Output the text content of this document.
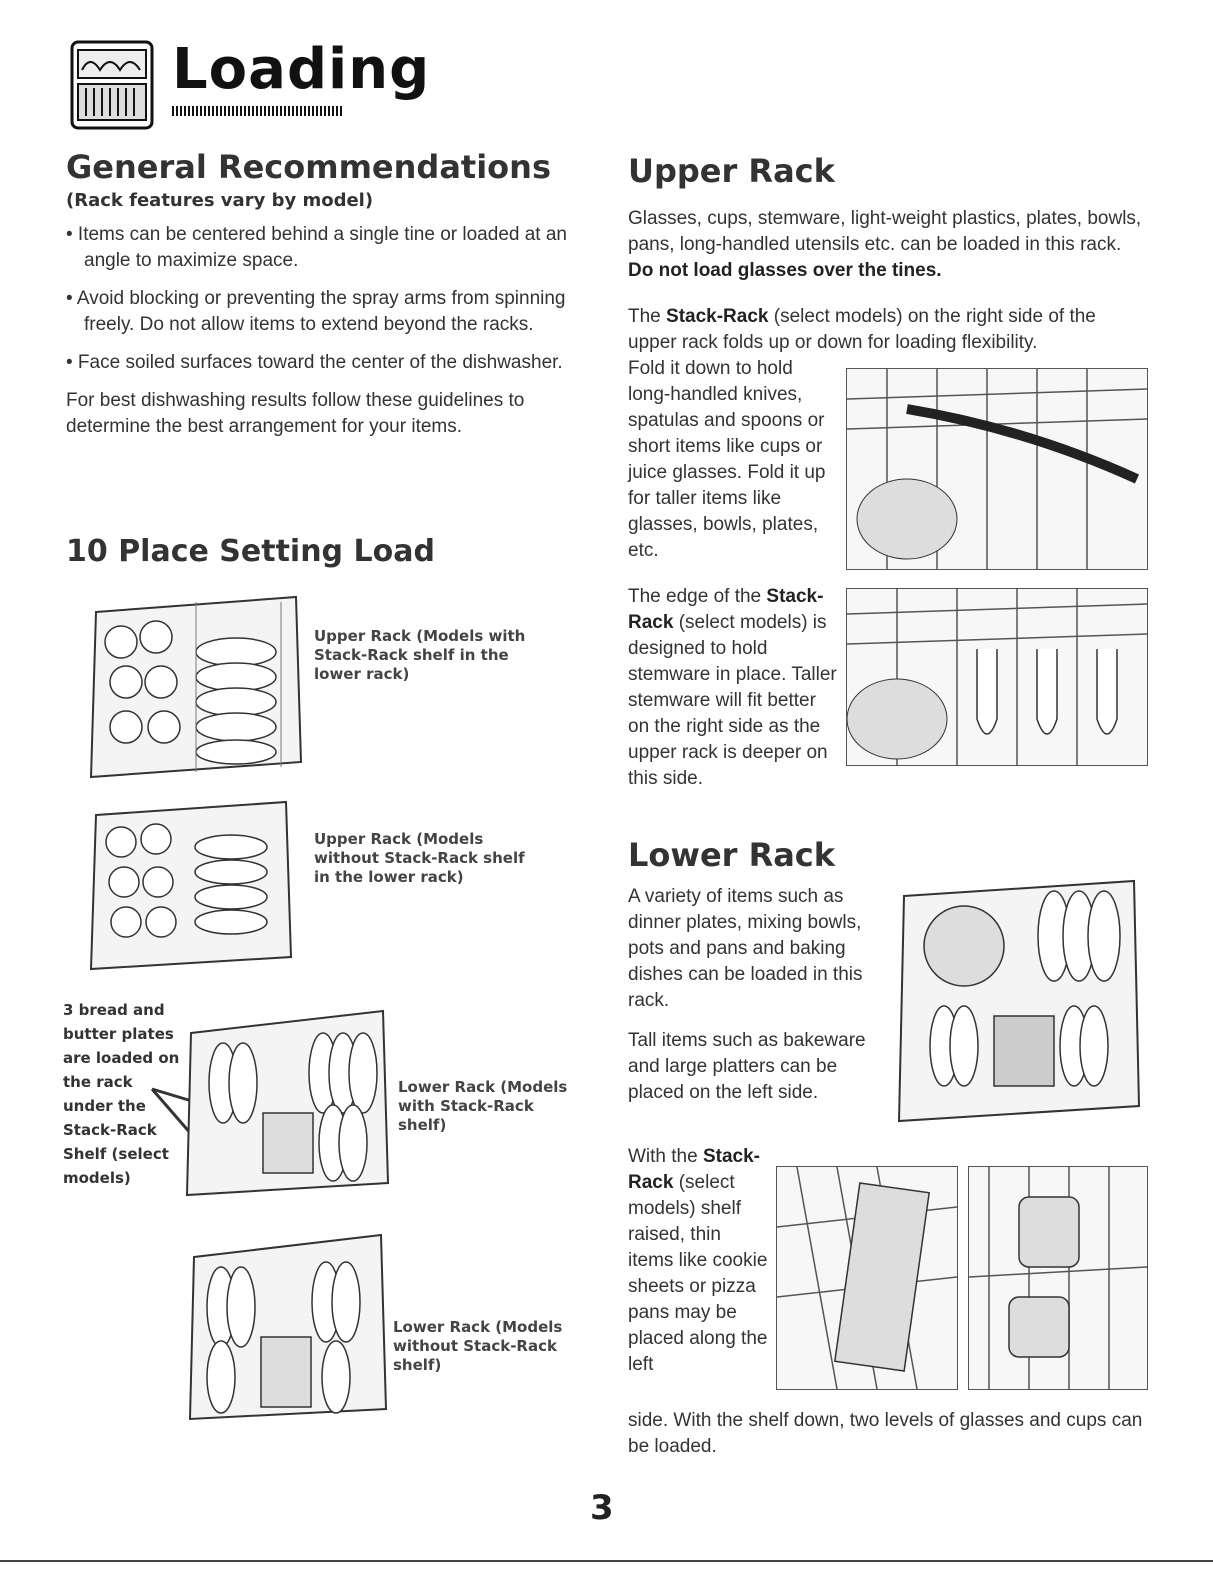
Loading
General Recommendations
(Rack features vary by model)

• Items can be centered behind a single tine or loaded at an angle to maximize space.

• Avoid blocking or preventing the spray arms from spinning freely. Do not allow items to extend beyond the racks.

• Face soiled surfaces toward the center of the dishwasher.

For best dishwashing results follow these guidelines to determine the best arrangement for your items.

10 Place Setting Load
Upper Rack (Models with Stack-Rack shelf in the lower rack)
Upper Rack (Models without Stack-Rack shelf in the lower rack)
3 bread and butter plates are loaded on the rack under the Stack-Rack Shelf (select models)
Lower Rack (Models with Stack-Rack shelf)
Lower Rack (Models without Stack-Rack shelf)
Upper Rack
Glasses, cups, stemware, light-weight plastics, plates, bowls, pans, long-handled utensils etc. can be loaded in this rack. Do not load glasses over the tines.
The Stack-Rack (select models) on the right side of the upper rack folds up or down for loading flexibility.
Fold it down to hold long-handled knives, spatulas and spoons or short items like cups or juice glasses. Fold it up for taller items like glasses, bowls, plates, etc.
The edge of the Stack-Rack (select models) is designed to hold stemware in place. Taller stemware will fit better on the right side as the upper rack is deeper on this side.
Lower Rack
A variety of items such as dinner plates, mixing bowls, pots and pans and baking dishes can be loaded in this rack.
Tall items such as bakeware and large platters can be placed on the left side.
With the Stack-Rack (select models) shelf raised, thin items like cookie sheets or pizza pans may be placed along the left
side. With the shelf down, two levels of glasses and cups can be loaded.
3
